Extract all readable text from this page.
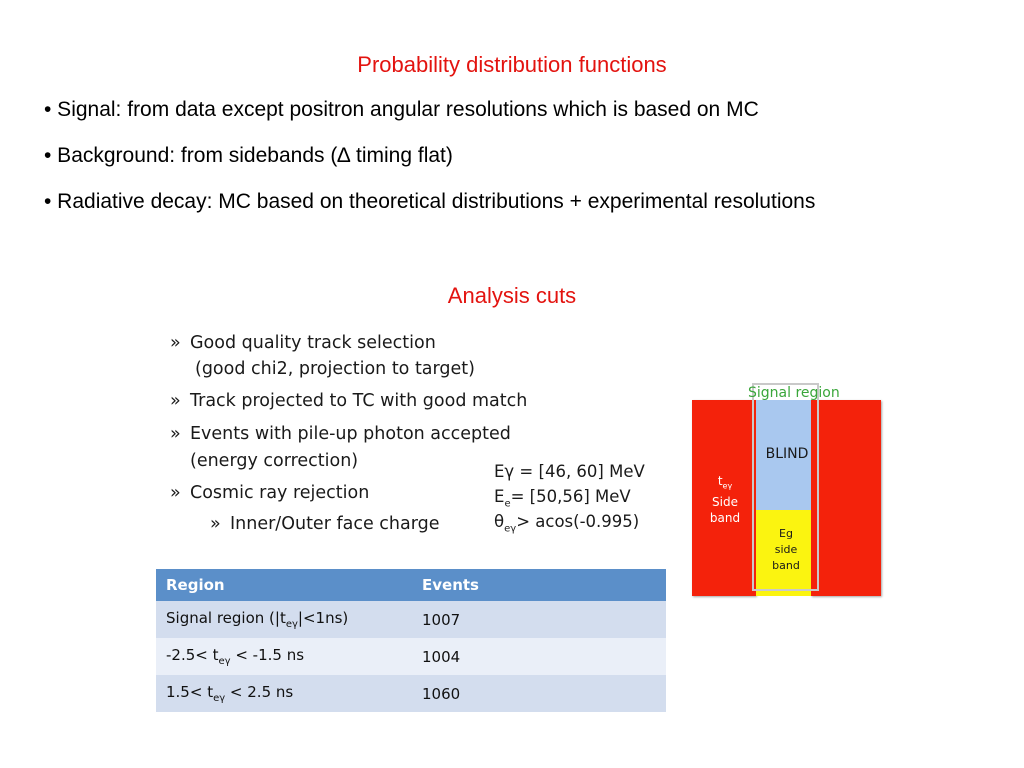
Probability distribution functions
• Signal: from data except positron angular resolutions which is based on MC
• Background: from sidebands (∆ timing flat)
• Radiative decay: MC based on theoretical distributions + experimental resolutions
Analysis cuts
» Good quality track selection
(good chi2, projection to target)
» Track projected to TC with good match
» Events with pile-up photon accepted
(energy correction)
» Cosmic ray rejection
» Inner/Outer face charge
Eγ = [46, 60] MeV
$E_e= [50,56]$ MeV
$\theta_{e\gamma}> acos(-0.995)$
Region	Events
Signal region $(|t_{e\gamma}|<1ns)$	1007
$-2.5< t_{e\gamma} < -1.5$ ns	1004
$1.5< t_{e\gamma} < 2.5$ ns	1060
Signal region
BLIND
$t_{e\gamma}$
Side
band
Eg
side
band
